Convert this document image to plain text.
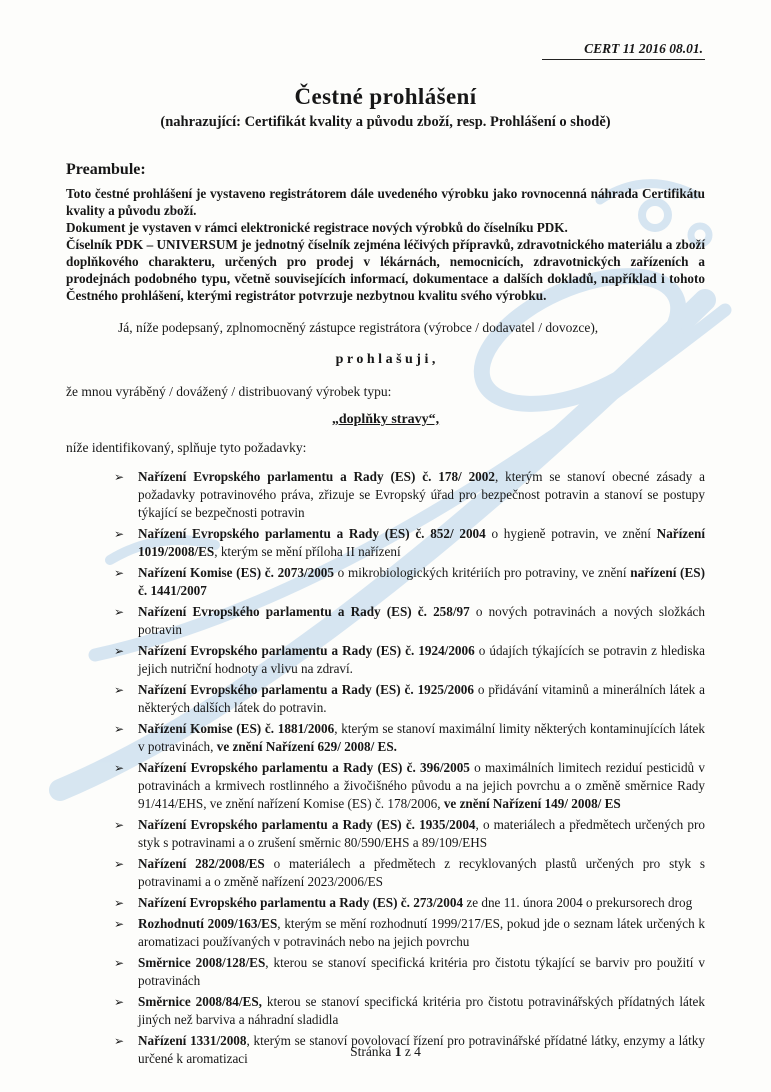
CERT 11 2016 08.01.
Čestné prohlášení
(nahrazující: Certifikát kvality a původu zboží, resp. Prohlášení o shodě)
Preambule:
Toto čestné prohlášení je vystaveno registrátorem dále uvedeného výrobku jako rovnocenná náhrada Certifikátu kvality a původu zboží.
Dokument je vystaven v rámci elektronické registrace nových výrobků do číselníku PDK.
Číselník PDK – UNIVERSUM je jednotný číselník zejména léčivých přípravků, zdravotnického materiálu a zboží doplňkového charakteru, určených pro prodej v lékárnách, nemocnicích, zdravotnických zařízeních a prodejnách podobného typu, včetně souvisejících informací, dokumentace a dalších dokladů, například i tohoto Čestného prohlášení, kterými registrátor potvrzuje nezbytnou kvalitu svého výrobku.

Já, níže podepsaný, zplnomocněný zástupce registrátora (výrobce / dodavatel / dovozce),

p r o h l a š u j i ,

že mnou vyráběný / dovážený / distribuovaný výrobek typu:

„doplňky stravy“,

níže identifikovaný, splňuje tyto požadavky:

➢ Nařízení Evropského parlamentu a Rady (ES) č. 178/ 2002, kterým se stanoví obecné zásady a požadavky potravinového práva, zřizuje se Evropský úřad pro bezpečnost potravin a stanoví se postupy týkající se bezpečnosti potravin
➢ Nařízení Evropského parlamentu a Rady (ES) č. 852/ 2004 o hygieně potravin, ve znění Nařízení 1019/2008/ES, kterým se mění příloha II nařízení
➢ Nařízení Komise (ES) č. 2073/2005 o mikrobiologických kritériích pro potraviny, ve znění nařízení (ES) č. 1441/2007
➢ Nařízení Evropského parlamentu a Rady (ES) č. 258/97 o nových potravinách a nových složkách potravin
➢ Nařízení Evropského parlamentu a Rady (ES) č. 1924/2006 o údajích týkajících se potravin z hlediska jejich nutriční hodnoty a vlivu na zdraví.
➢ Nařízení Evropského parlamentu a Rady (ES) č. 1925/2006 o přidávání vitaminů a minerálních látek a některých dalších látek do potravin.
➢ Nařízení Komise (ES) č. 1881/2006, kterým se stanoví maximální limity některých kontaminujících látek v potravinách, ve znění Nařízení 629/ 2008/ ES.
➢ Nařízení Evropského parlamentu a Rady (ES) č. 396/2005 o maximálních limitech reziduí pesticidů v potravinách a krmivech rostlinného a živočišného původu a na jejich povrchu a o změně směrnice Rady 91/414/EHS, ve znění nařízení Komise (ES) č. 178/2006, ve znění Nařízení 149/ 2008/ ES
➢ Nařízení Evropského parlamentu a Rady (ES) č. 1935/2004, o materiálech a předmětech určených pro styk s potravinami a o zrušení směrnic 80/590/EHS a 89/109/EHS
➢ Nařízení 282/2008/ES o materiálech a předmětech z recyklovaných plastů určených pro styk s potravinami a o změně nařízení 2023/2006/ES
➢ Nařízení Evropského parlamentu a Rady (ES) č. 273/2004 ze dne 11. února 2004 o prekursorech drog
➢ Rozhodnutí 2009/163/ES, kterým se mění rozhodnutí 1999/217/ES, pokud jde o seznam látek určených k aromatizaci používaných v potravinách nebo na jejich povrchu
➢ Směrnice 2008/128/ES, kterou se stanoví specifická kritéria pro čistotu týkající se barviv pro použití v potravinách
➢ Směrnice 2008/84/ES, kterou se stanoví specifická kritéria pro čistotu potravinářských přídatných látek jiných než barviva a náhradní sladidla
➢ Nařízení 1331/2008, kterým se stanoví povolovací řízení pro potravinářské přídatné látky, enzymy a látky určené k aromatizaci	Stránka 1 z 4
